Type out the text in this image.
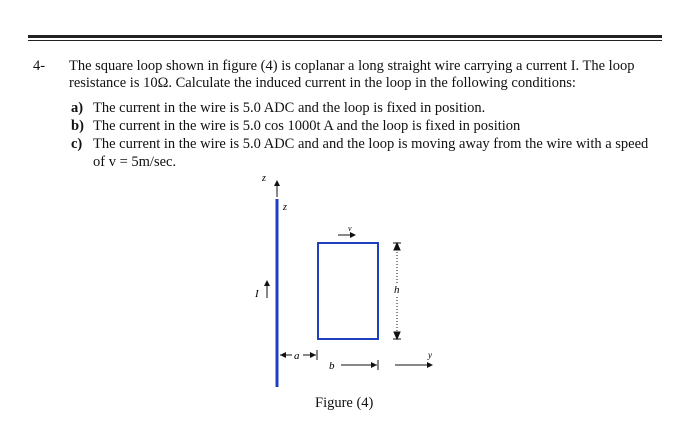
4- The square loop shown in figure (4) is coplanar a long straight wire carrying a current I. The loop resistance is 10Ω. Calculate the induced current in the loop in the following conditions:
a) The current in the wire is 5.0 ADC and the loop is fixed in position.
b) The current in the wire is 5.0 cos 1000t A and the loop is fixed in position
c) The current in the wire is 5.0 ADC and and the loop is moving away from the wire with a speed of v = 5m/sec.
z
z
I
v
h
a
b
y
Figure (4)
